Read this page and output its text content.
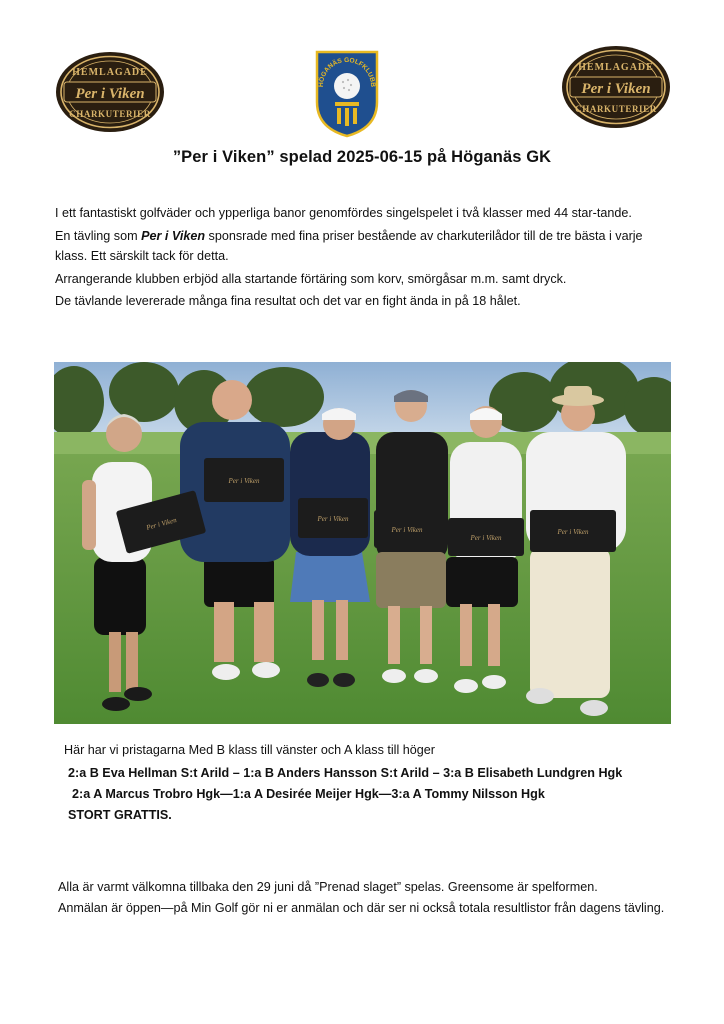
HEMLAGADE
Per i Viken
CHARKUTERIER
HÖGANÄS GOLFKLUBB
HEMLAGADE
Per i Viken
CHARKUTERIER
”Per i Viken” spelad 2025-06-15 på Höganäs GK

I ett fantastiskt golfväder och ypperliga banor genomfördes singelspelet i två klasser med 44 star-tande.

En tävling som Per i Viken sponsrade med fina priser bestående av charkuterilådor till de tre bästa i varje klass. Ett särskilt tack för detta.

Arrangerande klubben erbjöd alla startande förtäring som korv, smörgåsar m.m. samt dryck.

De tävlande levererade många fina resultat och det var en fight ända in på 18 hålet.

Per i Viken
Per i Viken
Per i Viken
Per i Viken
Per i Viken
Per i Viken
Här har vi pristagarna Med B klass till vänster och A klass till höger
2:a B Eva Hellman S:t Arild – 1:a B Anders Hansson S:t Arild – 3:a B Elisabeth Lundgren Hgk
2:a A Marcus Trobro Hgk—1:a A Desirée Meijer Hgk—3:a A Tommy Nilsson Hgk
STORT GRATTIS.

Alla är varmt välkomna tillbaka den 29 juni då ”Prenad slaget” spelas. Greensome är spelformen.

Anmälan är öppen—på Min Golf gör ni er anmälan och där ser ni också totala resultlistor från dagens tävling.
